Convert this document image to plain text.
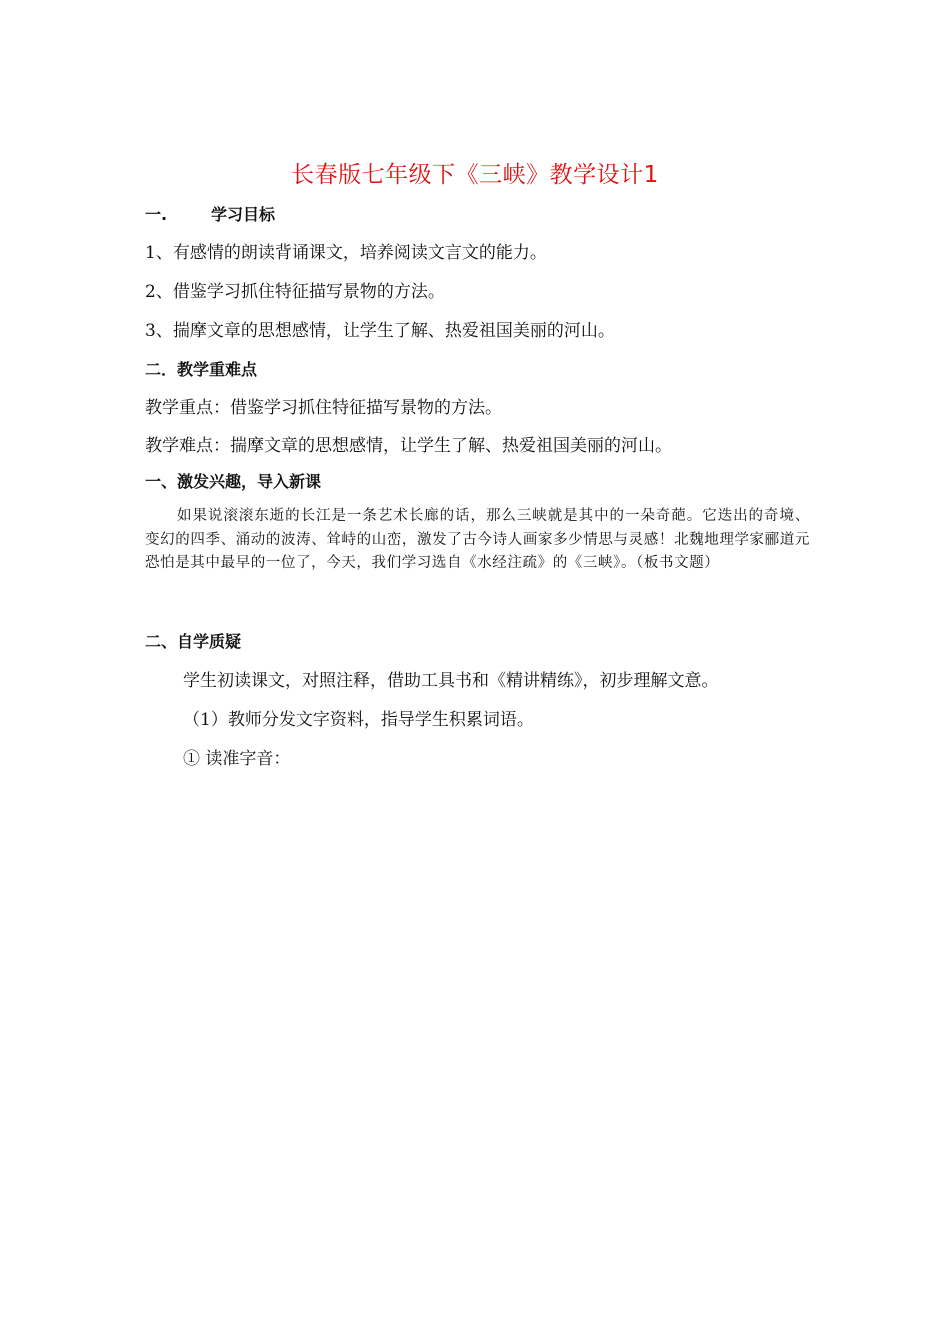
长春版七年级下《三峡》教学设计1
一.	学习目标
1、有感情的朗读背诵课文，培养阅读文言文的能力。
2、借鉴学习抓住特征描写景物的方法。
3、揣摩文章的思想感情，让学生了解、热爱祖国美丽的河山。
二．教学重难点
教学重点：借鉴学习抓住特征描写景物的方法。
教学难点：揣摩文章的思想感情，让学生了解、热爱祖国美丽的河山。
一、激发兴趣，导入新课
如果说滚滚东逝的长江是一条艺术长廊的话，那么三峡就是其中的一朵奇葩。它迭出的奇境、变幻的四季、涌动的波涛、耸峙的山峦，激发了古今诗人画家多少情思与灵感！北魏地理学家郦道元恐怕是其中最早的一位了，今天，我们学习选自《水经注疏》的《三峡》。（板书文题）
二、自学质疑
学生初读课文，对照注释，借助工具书和《精讲精练》，初步理解文意。
（1）教师分发文字资料，指导学生积累词语。
① 读准字音：
